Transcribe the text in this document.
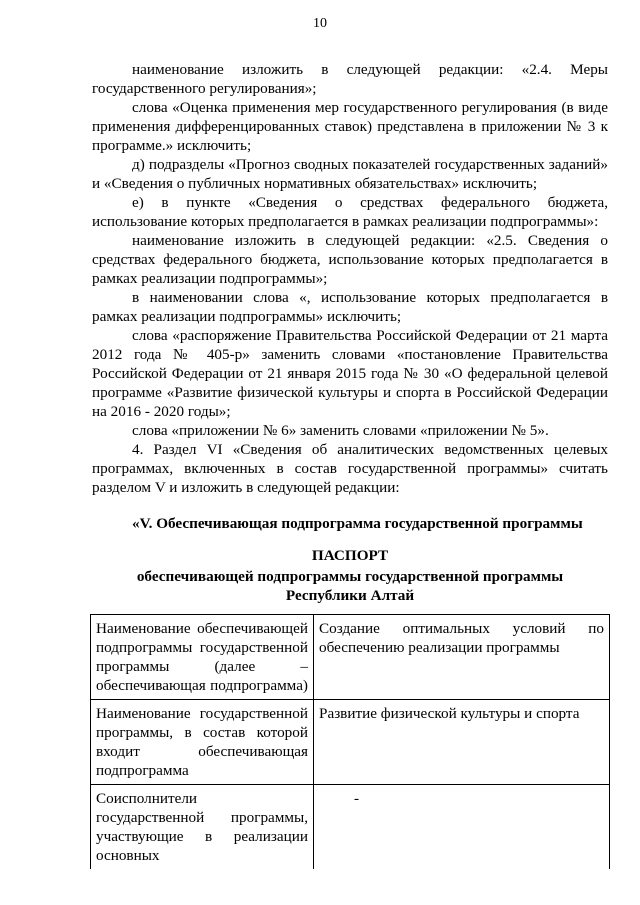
10

наименование изложить в следующей редакции: «2.4. Меры государственного регулирования»;

слова «Оценка применения мер государственного регулирования (в виде применения дифференцированных ставок) представлена в приложении № 3 к программе.» исключить;

д) подразделы «Прогноз сводных показателей государственных заданий» и «Сведения о публичных нормативных обязательствах» исключить;

е) в пункте «Сведения о средствах федерального бюджета, использование которых предполагается в рамках реализации подпрограммы»:

наименование изложить в следующей редакции: «2.5. Сведения о средствах федерального бюджета, использование которых предполагается в рамках реализации подпрограммы»;

в наименовании слова «, использование которых предполагается в рамках реализации подпрограммы» исключить;

слова «распоряжение Правительства Российской Федерации от 21 марта 2012 года № 405-р» заменить словами «постановление Правительства Российской Федерации от 21 января 2015 года № 30 «О федеральной целевой программе «Развитие физической культуры и спорта в Российской Федерации на 2016 - 2020 годы»;

слова «приложении № 6» заменить словами «приложении № 5».

4. Раздел VI «Сведения об аналитических ведомственных целевых программах, включенных в состав государственной программы» считать разделом V и изложить в следующей редакции:

«V. Обеспечивающая подпрограмма государственной программы

ПАСПОРТ
обеспечивающей подпрограммы государственной программы
Республики Алтай
Наименование обеспечивающей подпрограммы государственной программы (далее – обеспечивающая подпрограмма)	Создание оптимальных условий по обеспечению реализации программы
Наименование государственной программы, в состав которой входит обеспечивающая подпрограмма	Развитие физической культуры и спорта
Соисполнители государственной программы, участвующие в реализации основных	-
